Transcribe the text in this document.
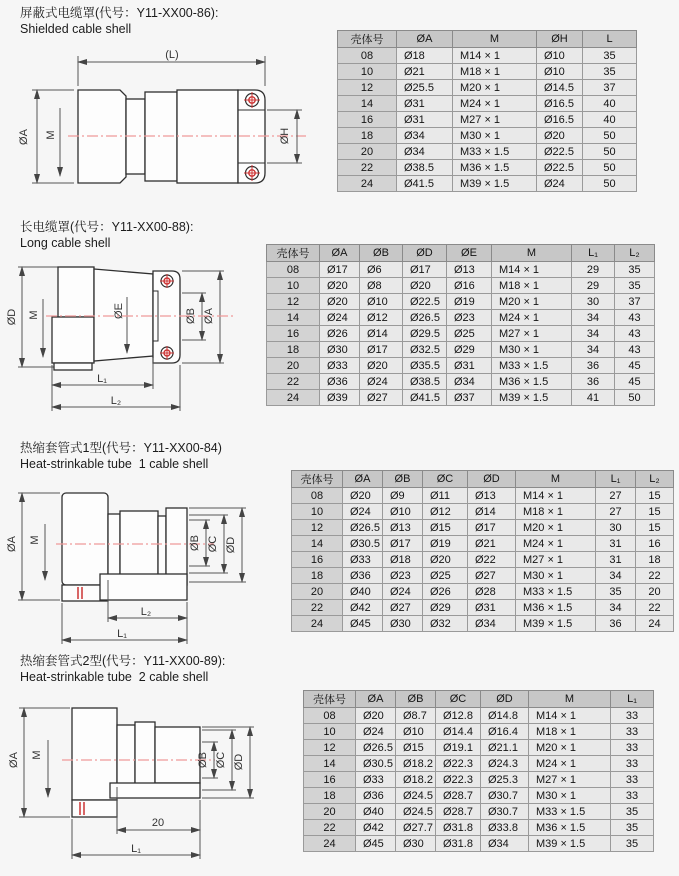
屏蔽式电缆罩(代号：Y11-XX00-86):
Shielded cable shell
(L)
ØA M	ØH
壳体号	ØA	M	ØH	L
08	Ø18	M14 × 1	Ø10	35
10	Ø21	M18 × 1	Ø10	35
12	Ø25.5	M20 × 1	Ø14.5	37
14	Ø31	M24 × 1	Ø16.5	40
16	Ø31	M27 × 1	Ø16.5	40
18	Ø34	M30 × 1	Ø20	50
20	Ø34	M33 × 1.5	Ø22.5	50
22	Ø38.5	M36 × 1.5	Ø22.5	50
24	Ø41.5	M39 × 1.5	Ø24	50
长电缆罩(代号：Y11-XX00-88):
Long cable shell
ØD M	ØE	ØB ØA
L₁
L₂
壳体号	ØA	ØB	ØD	ØE	M	L₁	L₂
08	Ø17	Ø6	Ø17	Ø13	M14 × 1	29	35
10	Ø20	Ø8	Ø20	Ø16	M18 × 1	29	35
12	Ø20	Ø10	Ø22.5	Ø19	M20 × 1	30	37
14	Ø24	Ø12	Ø26.5	Ø23	M24 × 1	34	43
16	Ø26	Ø14	Ø29.5	Ø25	M27 × 1	34	43
18	Ø30	Ø17	Ø32.5	Ø29	M30 × 1	34	43
20	Ø33	Ø20	Ø35.5	Ø31	M33 × 1.5	36	45
22	Ø36	Ø24	Ø38.5	Ø34	M36 × 1.5	36	45
24	Ø39	Ø27	Ø41.5	Ø37	M39 × 1.5	41	50
热缩套管式1型(代号：Y11-XX00-84)
Heat-strinkable tube  1 cable shell
ØA M	ØB ØC ØD
L₂
L₁
壳体号	ØA	ØB	ØC	ØD	M	L₁	L₂
08	Ø20	Ø9	Ø11	Ø13	M14 × 1	27	15
10	Ø24	Ø10	Ø12	Ø14	M18 × 1	27	15
12	Ø26.5	Ø13	Ø15	Ø17	M20 × 1	30	15
14	Ø30.5	Ø17	Ø19	Ø21	M24 × 1	31	16
16	Ø33	Ø18	Ø20	Ø22	M27 × 1	31	18
18	Ø36	Ø23	Ø25	Ø27	M30 × 1	34	22
20	Ø40	Ø24	Ø26	Ø28	M33 × 1.5	35	20
22	Ø42	Ø27	Ø29	Ø31	M36 × 1.5	34	22
24	Ø45	Ø30	Ø32	Ø34	M39 × 1.5	36	24
热缩套管式2型(代号：Y11-XX00-89):
Heat-strinkable tube  2 cable shell
ØA M	ØB ØC ØD
20
L₁
壳体号	ØA	ØB	ØC	ØD	M	L₁
08	Ø20	Ø8.7	Ø12.8	Ø14.8	M14 × 1	33
10	Ø24	Ø10	Ø14.4	Ø16.4	M18 × 1	33
12	Ø26.5	Ø15	Ø19.1	Ø21.1	M20 × 1	33
14	Ø30.5	Ø18.2	Ø22.3	Ø24.3	M24 × 1	33
16	Ø33	Ø18.2	Ø22.3	Ø25.3	M27 × 1	33
18	Ø36	Ø24.5	Ø28.7	Ø30.7	M30 × 1	33
20	Ø40	Ø24.5	Ø28.7	Ø30.7	M33 × 1.5	35
22	Ø42	Ø27.7	Ø31.8	Ø33.8	M36 × 1.5	35
24	Ø45	Ø30	Ø31.8	Ø34	M39 × 1.5	35
